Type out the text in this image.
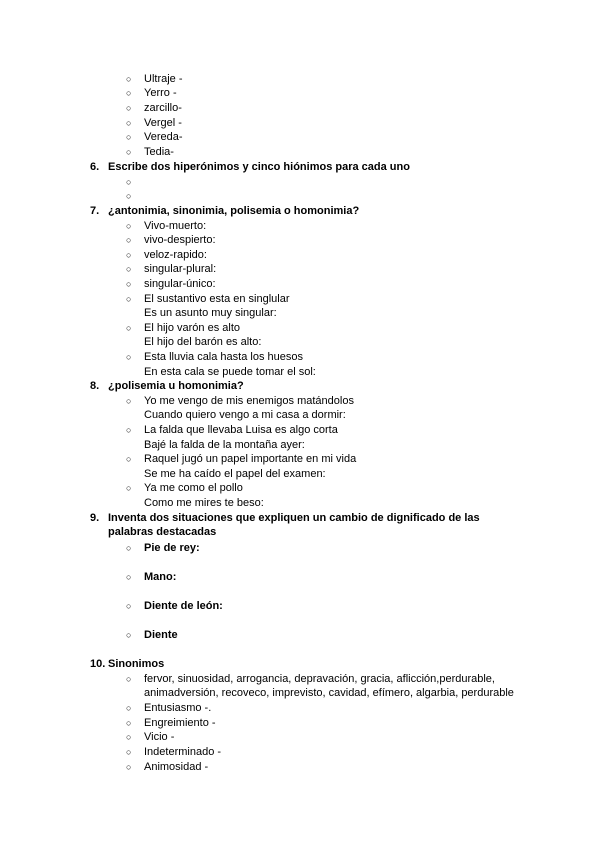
○
Ultraje -
○
Yerro -
○
zarcillo-
○
Vergel -
○
Vereda-
○
Tedia-
6. Escribe dos hiperónimos y cinco hiónimos para cada uno
○
○
7. ¿antonimia, sinonimia, polisemia o homonimia?
○
Vivo-muerto:
○
vivo-despierto:
○
veloz-rapido:
○
singular-plural:
○
singular-único:
○
El sustantivo esta en singlular
Es un asunto muy singular:
○
El hijo varón es alto
El hijo del barón es alto:
○
Esta lluvia cala hasta los huesos
En esta cala se puede tomar el sol:
8. ¿polisemia u homonimia?
○
Yo me vengo de mis enemigos matándolos
Cuando quiero vengo a mi casa a dormir:
○
La falda que llevaba Luisa es algo corta
Bajé la falda de la montaña ayer:
○
Raquel jugó un papel importante en mi vida
Se me ha caído el papel del examen:
○
Ya me como el pollo
Como me mires te beso:
9. Inventa dos situaciones que expliquen un cambio de dignificado de las
palabras destacadas
○
Pie de rey:
○
Mano:
○
Diente de león:
○
Diente
10. Sinonimos
○
fervor, sinuosidad, arrogancia, depravación, gracia, aflicción,perdurable,
animadversión, recoveco, imprevisto, cavidad, efímero, algarbia, perdurable
○
Entusiasmo -.
○
Engreimiento -
○
Vicio -
○
Indeterminado -
○
Animosidad -
